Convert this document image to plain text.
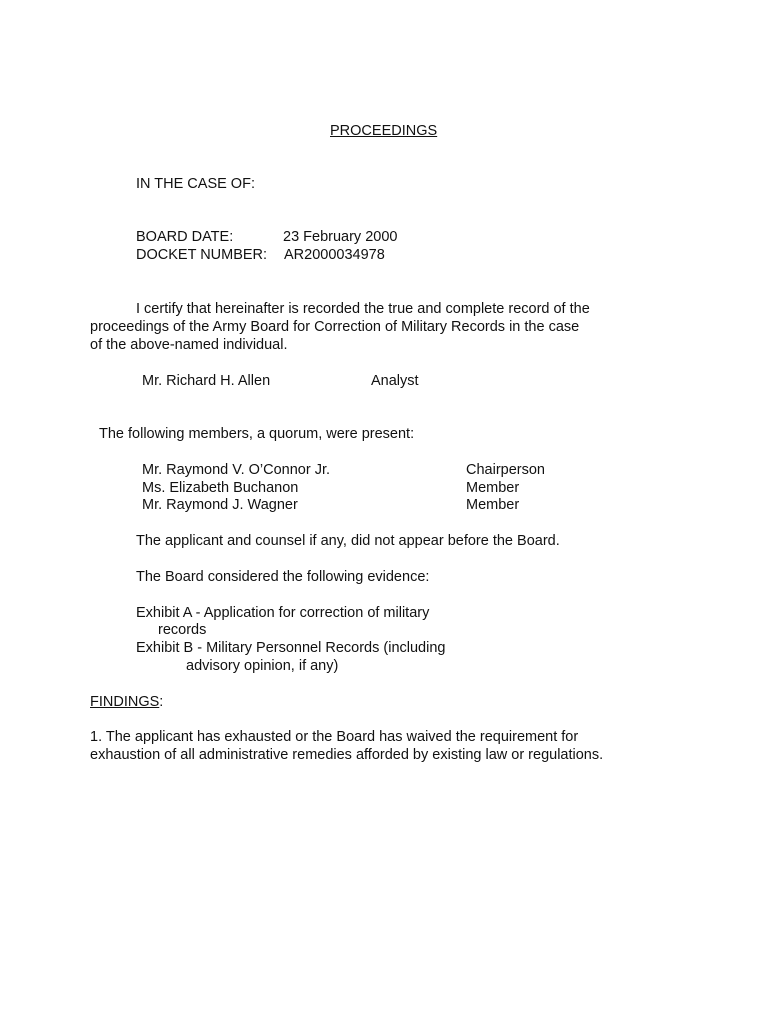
PROCEEDINGS
IN THE CASE OF:
BOARD DATE:	23 February 2000
DOCKET NUMBER: AR2000034978
I certify that hereinafter is recorded the true and complete record of the
proceedings of the Army Board for Correction of Military Records in the case
of the above-named individual.
Mr. Richard H. Allen	Analyst
The following members, a quorum, were present:
Mr. Raymond V. O’Connor Jr.	Chairperson
Ms. Elizabeth Buchanon	Member
Mr. Raymond J. Wagner	Member
The applicant and counsel if any, did not appear before the Board.
The Board considered the following evidence:
Exhibit A - Application for correction of military
records
Exhibit B - Military Personnel Records (including
advisory opinion, if any)
FINDINGS:
1. The applicant has exhausted or the Board has waived the requirement for
exhaustion of all administrative remedies afforded by existing law or regulations.
